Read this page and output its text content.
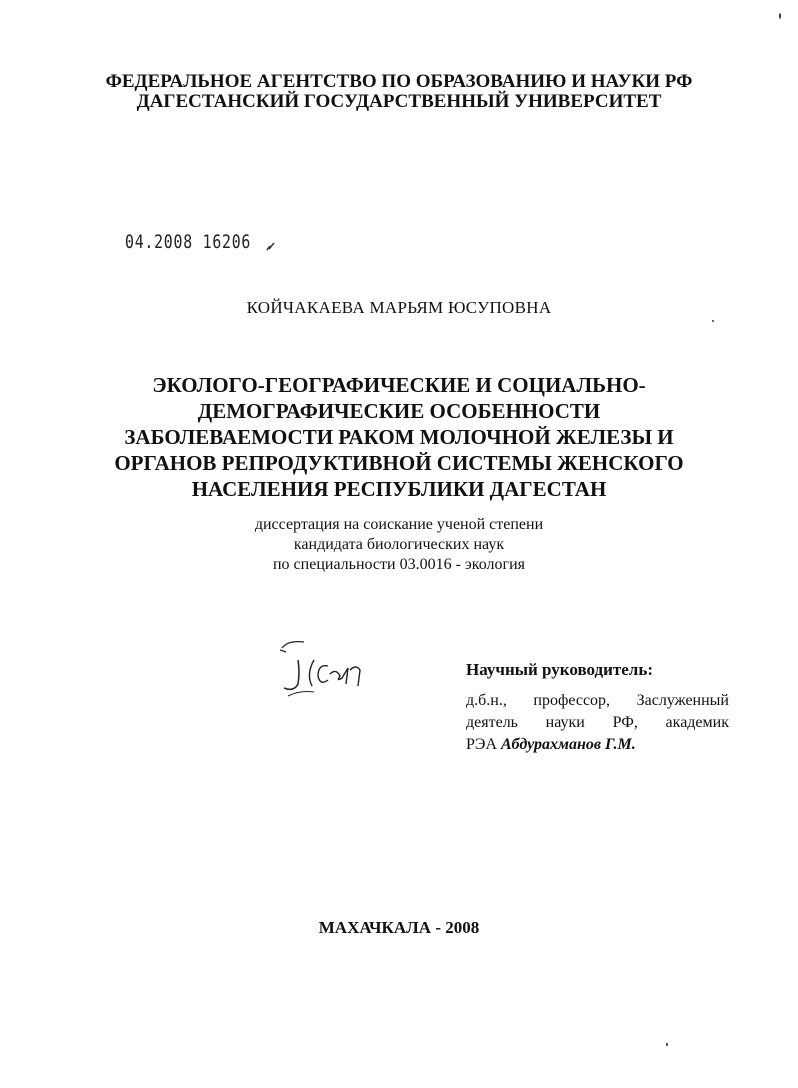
ФЕДЕРАЛЬНОЕ АГЕНТСТВО ПО ОБРАЗОВАНИЮ И НАУКИ РФ
ДАГЕСТАНСКИЙ ГОСУДАРСТВЕННЫЙ УНИВЕРСИТЕТ
04.2008 16206
КОЙЧАКАЕВА МАРЬЯМ ЮСУПОВНА
ЭКОЛОГО-ГЕОГРАФИЧЕСКИЕ И СОЦИАЛЬНО-
ДЕМОГРАФИЧЕСКИЕ ОСОБЕННОСТИ
ЗАБОЛЕВАЕМОСТИ РАКОМ МОЛОЧНОЙ ЖЕЛЕЗЫ И
ОРГАНОВ РЕПРОДУКТИВНОЙ СИСТЕМЫ ЖЕНСКОГО
НАСЕЛЕНИЯ РЕСПУБЛИКИ ДАГЕСТАН
диссертация на соискание ученой степени
кандидата биологических наук
по специальности 03.0016 - экология
Научный руководитель:
д.б.н., профессор, Заслуженный
деятель науки РФ, академик
РЭА Абдурахманов Г.М.
МАХАЧКАЛА - 2008
